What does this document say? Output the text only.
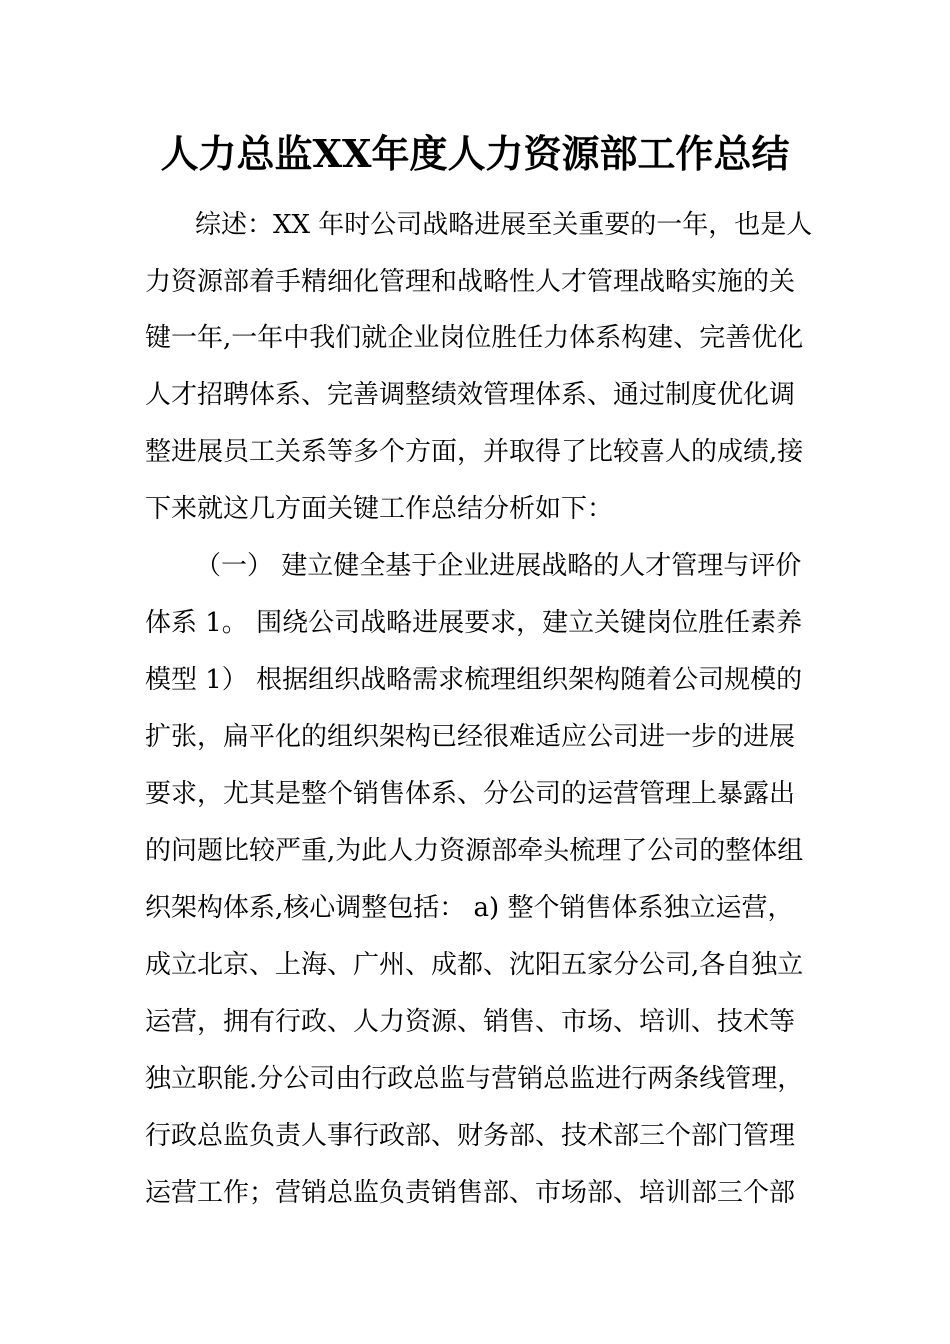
人力总监XX年度人力资源部工作总结
综述：XX 年时公司战略进展至关重要的一年，也是人
力资源部着手精细化管理和战略性人才管理战略实施的关
键一年,一年中我们就企业岗位胜任力体系构建、完善优化
人才招聘体系、完善调整绩效管理体系、通过制度优化调
整进展员工关系等多个方面，并取得了比较喜人的成绩,接
下来就这几方面关键工作总结分析如下：
（一） 建立健全基于企业进展战略的人才管理与评价
体系 1。 围绕公司战略进展要求，建立关键岗位胜任素养
模型 1） 根据组织战略需求梳理组织架构随着公司规模的
扩张，扁平化的组织架构已经很难适应公司进一步的进展
要求，尤其是整个销售体系、分公司的运营管理上暴露出
的问题比较严重,为此人力资源部牵头梳理了公司的整体组
织架构体系,核心调整包括： a) 整个销售体系独立运营，
成立北京、上海、广州、成都、沈阳五家分公司,各自独立
运营，拥有行政、人力资源、销售、市场、培训、技术等
独立职能.分公司由行政总监与营销总监进行两条线管理，
行政总监负责人事行政部、财务部、技术部三个部门管理
运营工作；营销总监负责销售部、市场部、培训部三个部
